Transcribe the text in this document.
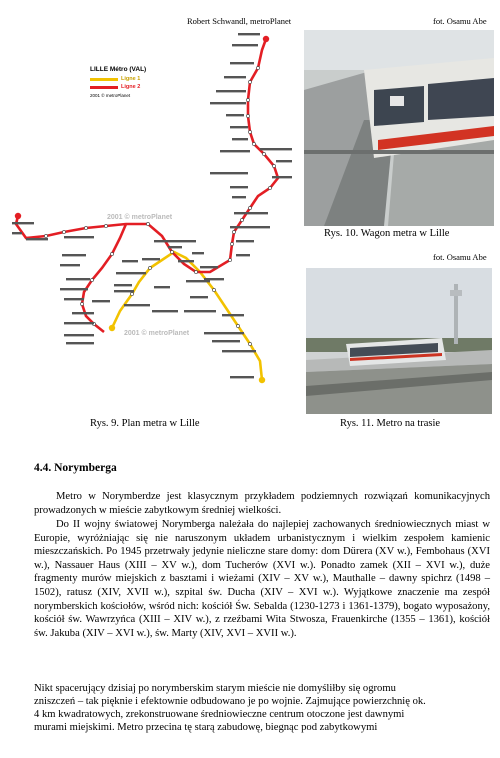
Robert Schwandl, metroPlanet	fot. Osamu Abe
fot. Osamu Abe
LILLE Métro (VAL)
Ligne 1
Ligne 2
2001 © metroPlanet
2001 © metroPlanet
2001 © metroPlanet
Rys. 10. Wagon metra w Lille
Rys. 11. Metro na trasie
Rys. 9. Plan metra w Lille
4.4. Norymberga
Metro w Norymberdze jest klasycznym przykładem podziemnych rozwiązań komunikacyjnych prowadzonych w mieście zabytkowym średniej wielkości.
Do II wojny światowej Norymberga należała do najlepiej zachowanych średniowiecznych miast w Europie, wyróżniając się nie naruszonym układem urbanistycznym i wielkim zespołem kamienic mieszczańskich. Po 1945 przetrwały jedynie nieliczne stare domy: dom Dürera (XV w.), Fembohaus (XVI w.), Nassauer Haus (XIII – XV w.), dom Tucherów (XVI w.). Ponadto zamek (XII – XVI w.), duże fragmenty murów miejskich z basztami i wieżami (XIV – XV w.), Mauthalle – dawny spichrz (1498 – 1502), ratusz (XIV, XVII w.), szpital św. Ducha (XIV – XVI w.). Wyjątkowe znaczenie ma zespół norymberskich kościołów, wśród nich: kościół Św. Sebalda (1230-1273 i 1361-1379), bogato wyposażony, kościół św. Wawrzyńca (XIII – XIV w.), z rzeźbami Wita Stwosza, Frauenkirche (1355 – 1361), kościół św. Jakuba (XIV – XVI w.), św. Marty (XIV, XVI – XVII w.).
Nikt spacerujący dzisiaj po norymberskim starym mieście nie domyśliłby się ogromu
zniszczeń – tak pięknie i efektownie odbudowano je po wojnie. Zajmujące powierzchnię ok.
4 km kwadratowych, zrekonstruowane średniowieczne centrum otoczone jest dawnymi
murami miejskimi. Metro przecina tę starą zabudowę, biegnąc pod zabytkowymi
